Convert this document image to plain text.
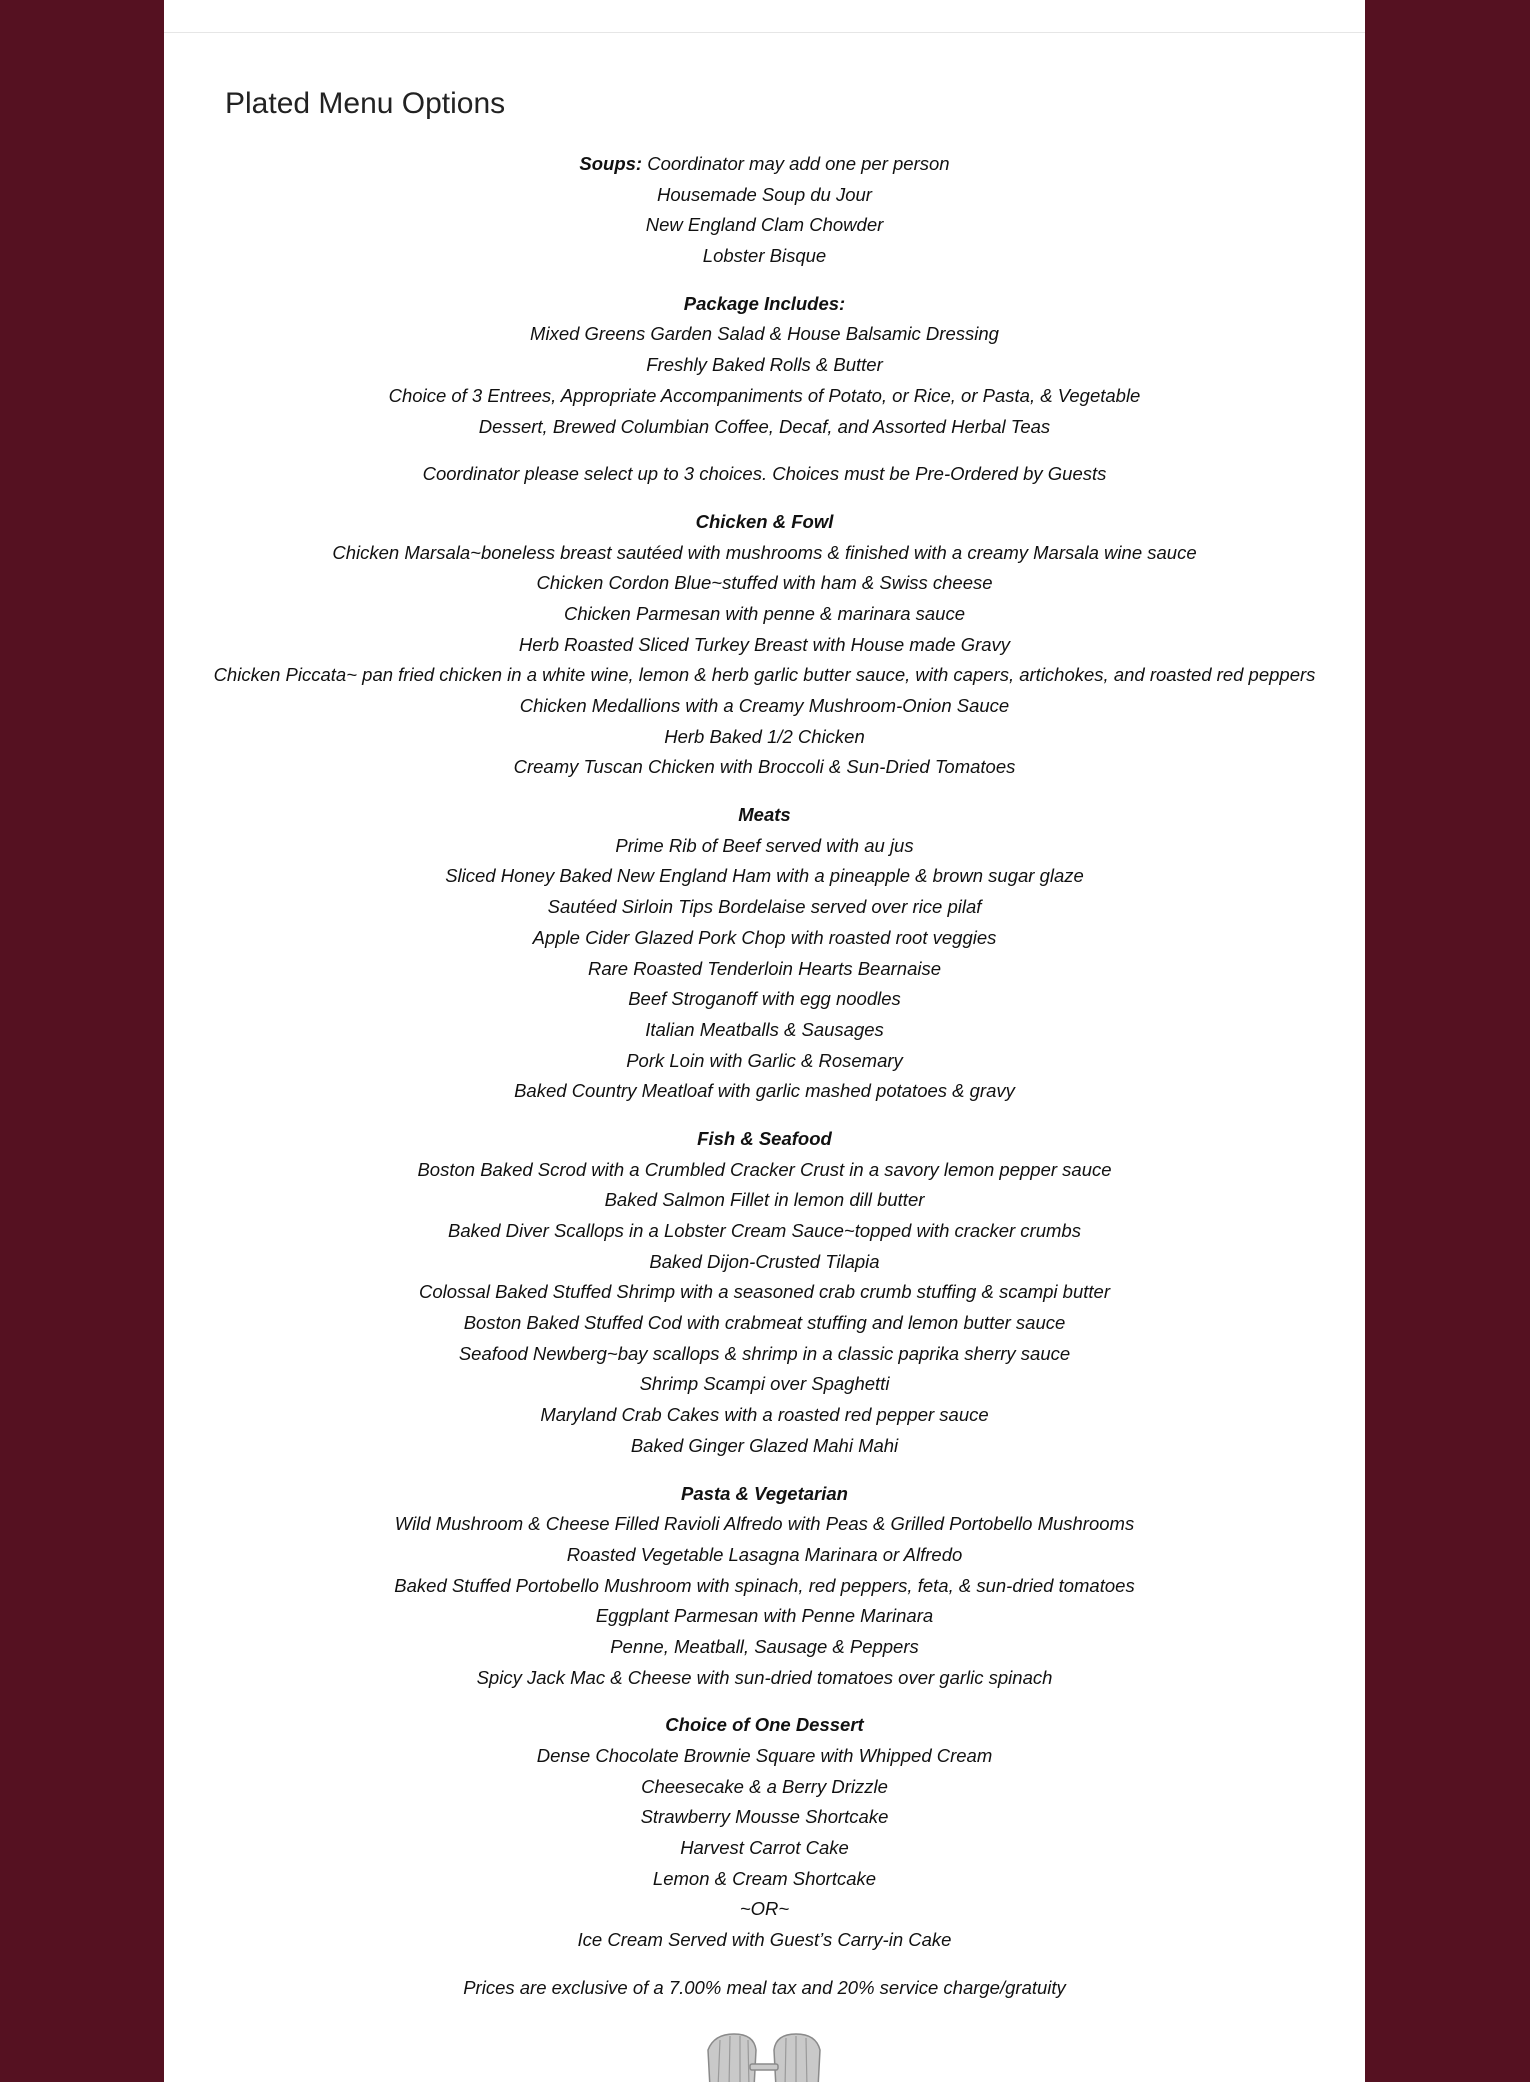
Plated Menu Options
Soups: Coordinator may add one per person
Housemade Soup du Jour
New England Clam Chowder
Lobster Bisque
Package Includes:
Mixed Greens Garden Salad & House Balsamic Dressing
Freshly Baked Rolls & Butter
Choice of 3 Entrees, Appropriate Accompaniments of Potato, or Rice, or Pasta, & Vegetable
Dessert, Brewed Columbian Coffee, Decaf, and Assorted Herbal Teas
Coordinator please select up to 3 choices. Choices must be Pre-Ordered by Guests
Chicken & Fowl
Chicken Marsala~boneless breast sautéed with mushrooms & finished with a creamy Marsala wine sauce
Chicken Cordon Blue~stuffed with ham & Swiss cheese
Chicken Parmesan with penne & marinara sauce
Herb Roasted Sliced Turkey Breast with House made Gravy
Chicken Piccata~ pan fried chicken in a white wine, lemon & herb garlic butter sauce, with capers, artichokes, and roasted red peppers
Chicken Medallions with a Creamy Mushroom-Onion Sauce
Herb Baked 1/2 Chicken
Creamy Tuscan Chicken with Broccoli & Sun-Dried Tomatoes
Meats
Prime Rib of Beef served with au jus
Sliced Honey Baked New England Ham with a pineapple & brown sugar glaze
Sautéed Sirloin Tips Bordelaise served over rice pilaf
Apple Cider Glazed Pork Chop with roasted root veggies
Rare Roasted Tenderloin Hearts Bearnaise
Beef Stroganoff with egg noodles
Italian Meatballs & Sausages
Pork Loin with Garlic & Rosemary
Baked Country Meatloaf with garlic mashed potatoes & gravy
Fish & Seafood
Boston Baked Scrod with a Crumbled Cracker Crust in a savory lemon pepper sauce
Baked Salmon Fillet in lemon dill butter
Baked Diver Scallops in a Lobster Cream Sauce~topped with cracker crumbs
Baked Dijon-Crusted Tilapia
Colossal Baked Stuffed Shrimp with a seasoned crab crumb stuffing & scampi butter
Boston Baked Stuffed Cod with crabmeat stuffing and lemon butter sauce
Seafood Newberg~bay scallops & shrimp in a classic paprika sherry sauce
Shrimp Scampi over Spaghetti
Maryland Crab Cakes with a roasted red pepper sauce
Baked Ginger Glazed Mahi Mahi
Pasta & Vegetarian
Wild Mushroom & Cheese Filled Ravioli Alfredo with Peas & Grilled Portobello Mushrooms
Roasted Vegetable Lasagna Marinara or Alfredo
Baked Stuffed Portobello Mushroom with spinach, red peppers, feta, & sun-dried tomatoes
Eggplant Parmesan with Penne Marinara
Penne, Meatball, Sausage & Peppers
Spicy Jack Mac & Cheese with sun-dried tomatoes over garlic spinach
Choice of One Dessert
Dense Chocolate Brownie Square with Whipped Cream
Cheesecake & a Berry Drizzle
Strawberry Mousse Shortcake
Harvest Carrot Cake
Lemon & Cream Shortcake
~OR~
Ice Cream Served with Guest’s Carry-in Cake
Prices are exclusive of a 7.00% meal tax and 20% service charge/gratuity
